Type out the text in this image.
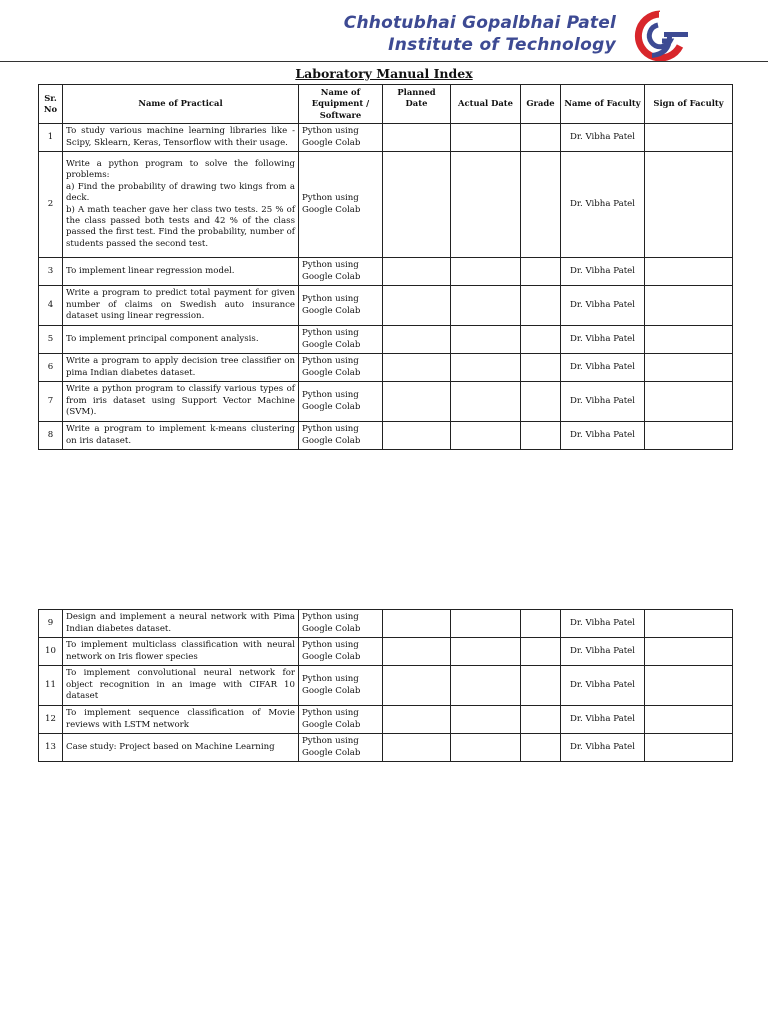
Chhotubhai Gopalbhai Patel
Institute of Technology
Laboratory Manual Index
Sr. No	Name of Practical	Name of Equipment / Software	Planned Date	Actual Date	Grade	Name of Faculty	Sign of Faculty
1	To study various machine learning libraries like - Scipy, Sklearn, Keras, Tensorflow with their usage.	Python using Google Colab				Dr. Vibha Patel	
2	Write a python program to solve the following problems:
a) Find the probability of drawing two kings from a deck.
b) A math teacher gave her class two tests. 25 % of the class passed both tests and 42 % of the class passed the first test. Find the probability, number of students passed the second test.	Python using Google Colab				Dr. Vibha Patel	
3	To implement linear regression model.	Python using Google Colab				Dr. Vibha Patel	
4	Write a program to predict total payment for given number of claims on Swedish auto insurance dataset using linear regression.	Python using Google Colab				Dr. Vibha Patel	
5	To implement principal component analysis.	Python using Google Colab				Dr. Vibha Patel	
6	Write a program to apply decision tree classifier on pima Indian diabetes dataset.	Python using Google Colab				Dr. Vibha Patel	
7	Write a python program to classify various types of from iris dataset using Support Vector Machine (SVM).	Python using Google Colab				Dr. Vibha Patel	
8	Write a program to implement k-means clustering on iris dataset.	Python using Google Colab				Dr. Vibha Patel	
9	Design and implement a neural network with Pima Indian diabetes dataset.	Python using Google Colab				Dr. Vibha Patel	
10	To implement multiclass classification with neural network on Iris flower species	Python using Google Colab				Dr. Vibha Patel	
11	To implement convolutional neural network for object recognition in an image with CIFAR 10 dataset	Python using Google Colab				Dr. Vibha Patel	
12	To implement sequence classification of Movie reviews with LSTM network	Python using Google Colab				Dr. Vibha Patel	
13	Case study: Project based on Machine Learning	Python using Google Colab				Dr. Vibha Patel	
